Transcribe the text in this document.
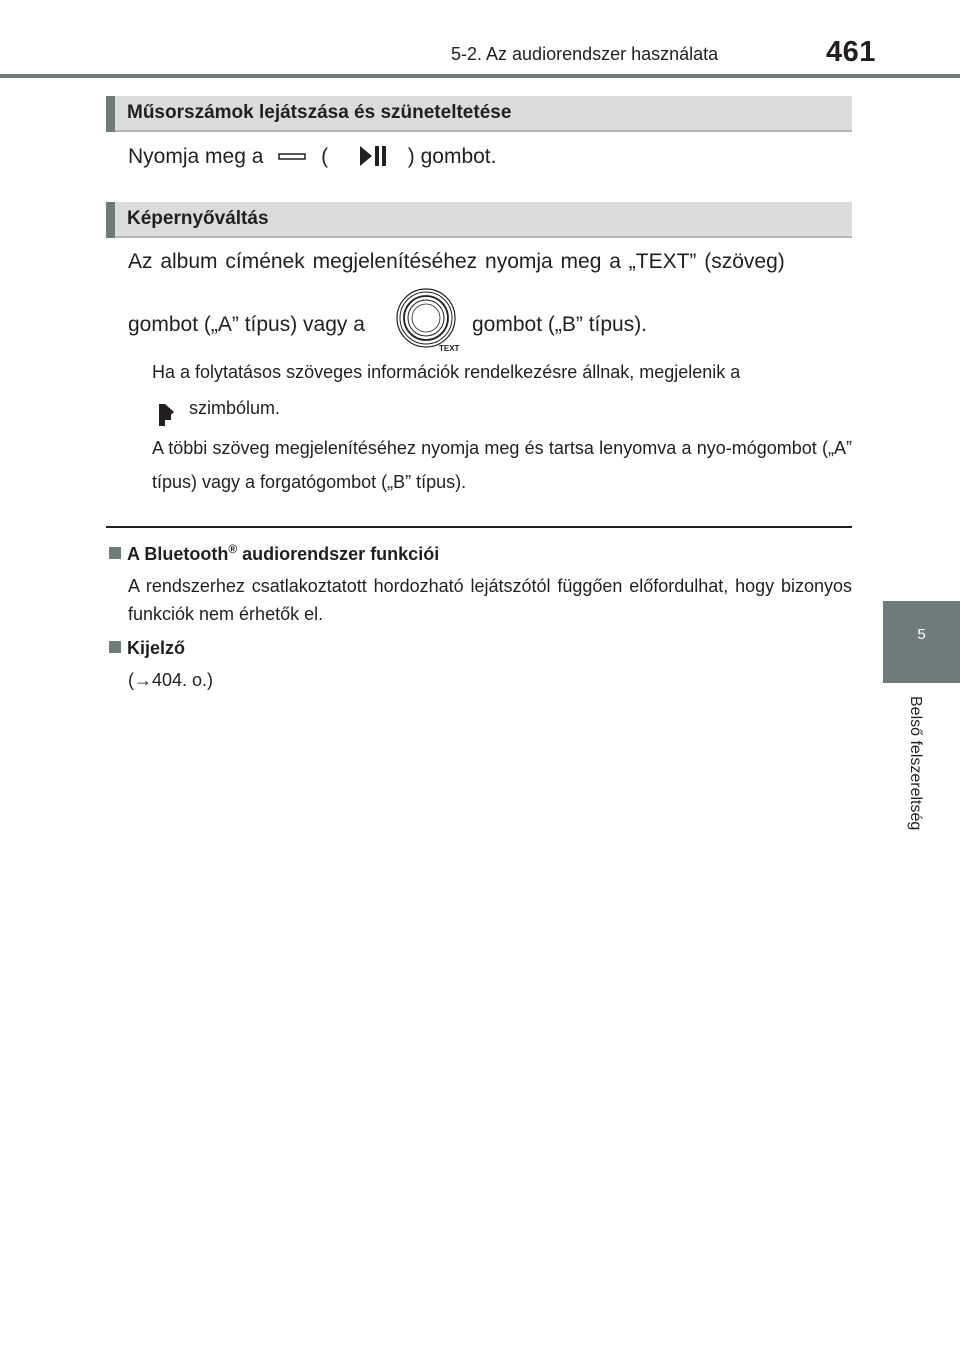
5-2. Az audiorendszer használata	461
Műsorszámok lejátszása és szüneteltetése
Nyomja meg a	(	) gombot.
Képernyőváltás
Az album címének megjelenítéséhez nyomja meg a „TEXT” (szöveg)
gombot („A” típus) vagy a
TEXT
gombot („B” típus).
Ha a folytatásos szöveges információk rendelkezésre állnak, megjelenik a
szimbólum.
A többi szöveg megjelenítéséhez nyomja meg és tartsa lenyomva a nyo-mógombot („A” típus) vagy a forgatógombot („B” típus).
A Bluetooth® audiorendszer funkciói
A rendszerhez csatlakoztatott hordozható lejátszótól függően előfordulhat, hogy bizonyos funkciók nem érhetők el.
Kijelző
(→404. o.)
5
Belső felszereltség
